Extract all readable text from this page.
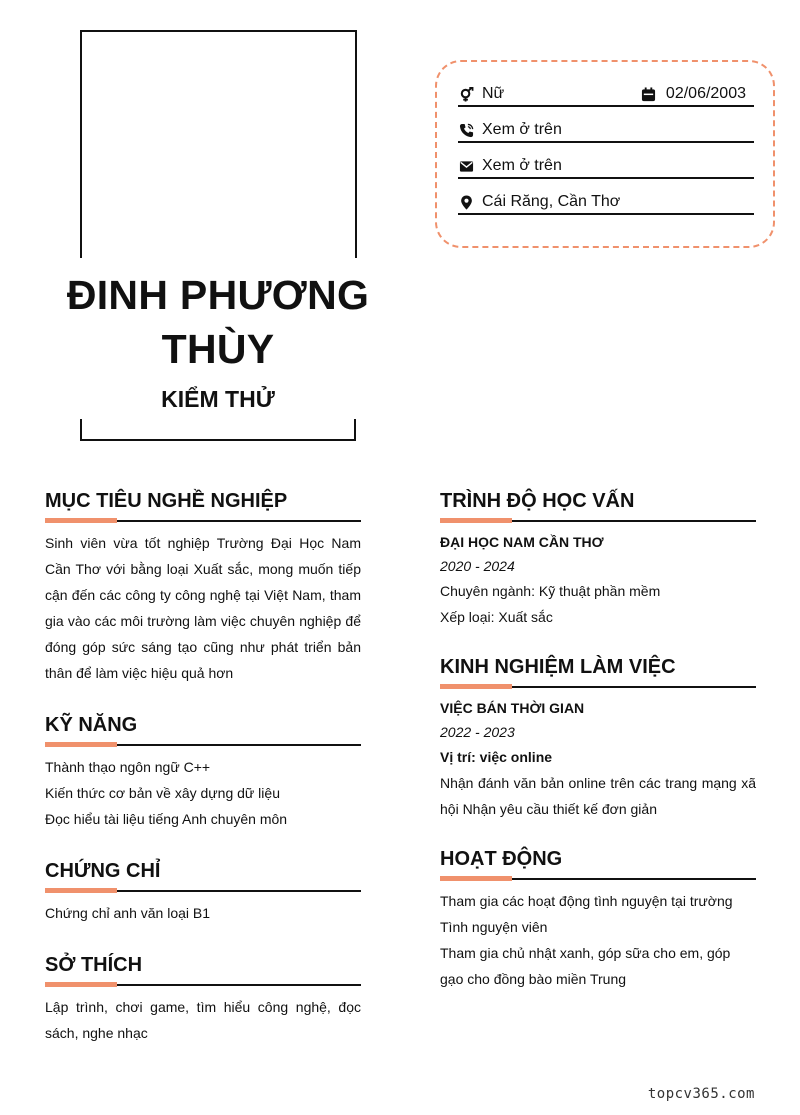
ĐINH PHƯƠNG THÙY
KIỂM THỬ
Nữ	02/06/2003
Xem ở trên
Xem ở trên
Cái Răng, Cần Thơ
MỤC TIÊU NGHỀ NGHIỆP
Sinh viên vừa tốt nghiệp Trường Đại Học Nam Cần Thơ với bằng loại Xuất sắc, mong muốn tiếp cận đến các công ty công nghệ tại Việt Nam, tham gia vào các môi trường làm việc chuyên nghiệp để đóng góp sức sáng tạo cũng như phát triển bản thân để làm việc hiệu quả hơn
KỸ NĂNG

Thành thạo ngôn ngữ C++

Kiến thức cơ bản về xây dựng dữ liệu

Đọc hiểu tài liệu tiếng Anh chuyên môn

CHỨNG CHỈ

Chứng chỉ anh văn loại B1

SỞ THÍCH
Lập trình, chơi game, tìm hiểu công nghệ, đọc sách, nghe nhạc
TRÌNH ĐỘ HỌC VẤN
ĐẠI HỌC NAM CẦN THƠ
2020 - 2024
Chuyên ngành: Kỹ thuật phần mềm
Xếp loại: Xuất sắc
KINH NGHIỆM LÀM VIỆC
VIỆC BÁN THỜI GIAN
2022 - 2023
Vị trí: việc online
Nhận đánh văn bản online trên các trang mạng xã hội Nhận yêu cầu thiết kế đơn giản
HOẠT ĐỘNG

Tham gia các hoạt động tình nguyện tại trường

Tình nguyện viên

Tham gia chủ nhật xanh, góp sữa cho em, góp gạo cho đồng bào miền Trung

topcv365.com
